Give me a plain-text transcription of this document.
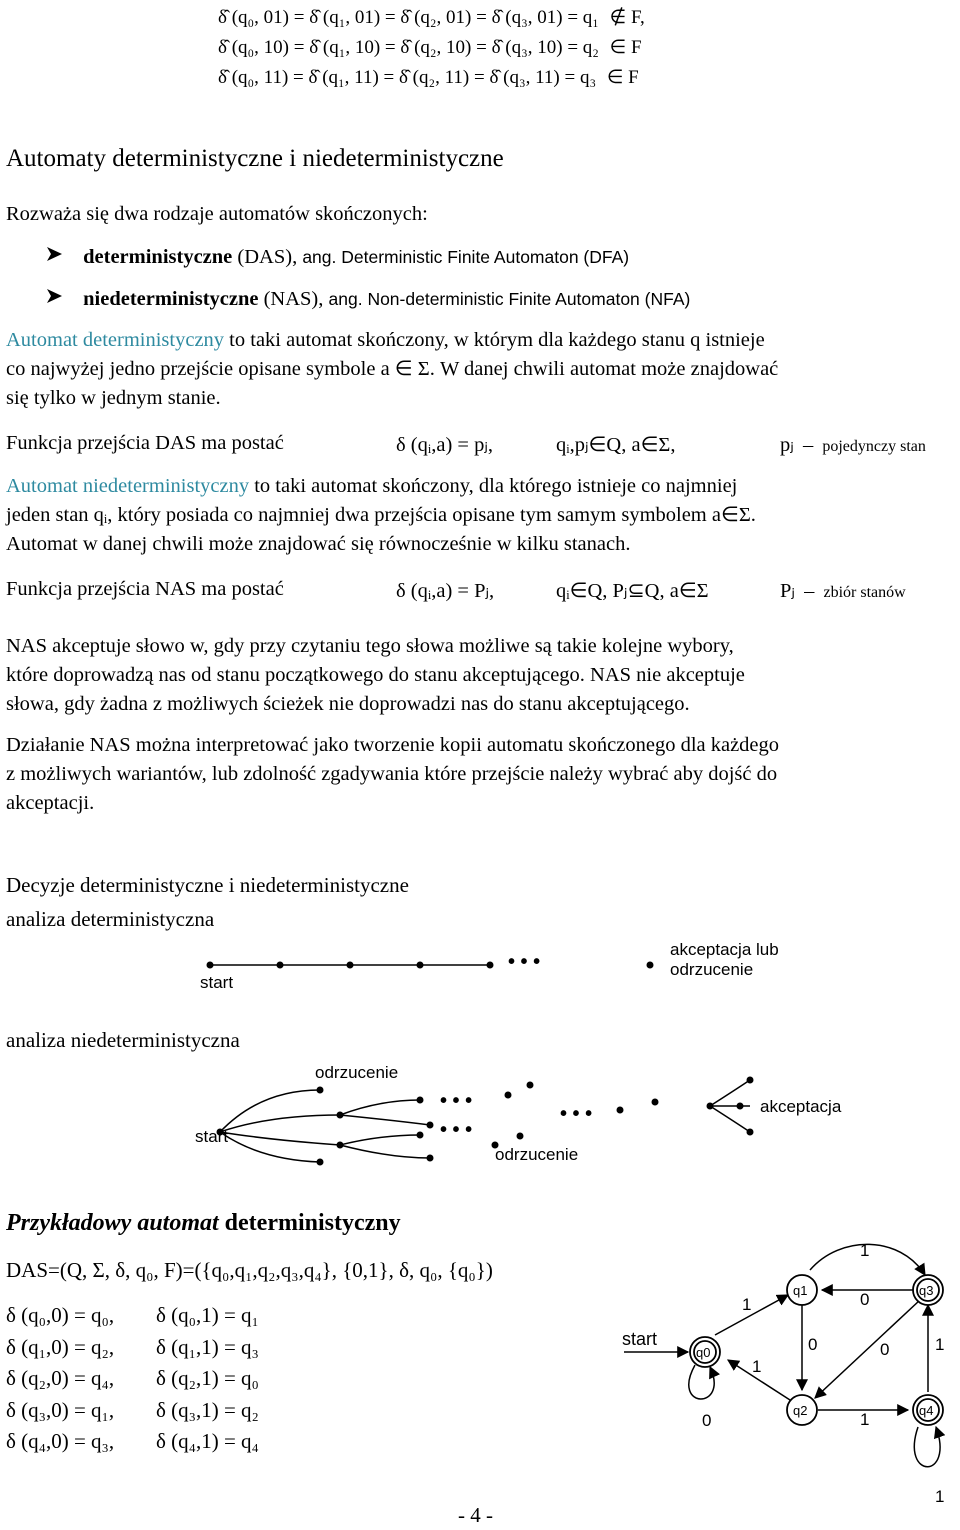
δ̂ (q₀, 01) = δ̂ (q₁, 01) = δ̂ (q₂, 01) = δ̂ (q₃, 01) = q₁ ∉ F,
δ̂ (q₀, 10) = δ̂ (q₁, 10) = δ̂ (q₂, 10) = δ̂ (q₃, 10) = q₂ ∈ F
δ̂ (q₀, 11) = δ̂ (q₁, 11) = δ̂ (q₂, 11) = δ̂ (q₃, 11) = q₃ ∈ F
Automaty deterministyczne i niedeterministyczne
Rozważa się dwa rodzaje automatów skończonych:
deterministyczne (DAS), ang. Deterministic Finite Automaton (DFA)
niedeterministyczne (NAS), ang. Non-deterministic Finite Automaton (NFA)
Automat deterministyczny to taki automat skończony, w którym dla każdego stanu q istnieje
co najwyżej jedno przejście opisane symbole a ∈ Σ. W danej chwili automat może znajdować
się tylko w jednym stanie.
Funkcja przejścia DAS ma postać	δ (qᵢ,a) = pⱼ,	qᵢ,pⱼ∈Q, a∈Σ,	pⱼ – pojedynczy stan
Automat niedeterministyczny to taki automat skończony, dla którego istnieje co najmniej
jeden stan qᵢ, który posiada co najmniej dwa przejścia opisane tym samym symbolem a∈Σ.
Automat w danej chwili może znajdować się równocześnie w kilku stanach.
Funkcja przejścia NAS ma postać	δ (qᵢ,a) = Pⱼ,	qᵢ∈Q, Pⱼ⊆Q, a∈Σ	Pⱼ – zbiór stanów
NAS akceptuje słowo w, gdy przy czytaniu tego słowa możliwe są takie kolejne wybory,
które doprowadzą nas od stanu początkowego do stanu akceptującego. NAS nie akceptuje
słowa, gdy żadna z możliwych ścieżek nie doprowadzi nas do stanu akceptującego.
Działanie NAS można interpretować jako tworzenie kopii automatu skończonego dla każdego
z możliwych wariantów, lub zdolność zgadywania które przejście należy wybrać aby dojść do
akceptacji.
Decyzje deterministyczne i niedeterministyczne
analiza deterministyczna
start
• • •
akceptacja lub
odrzucenie
analiza niedeterministyczna
start
odrzucenie
• • •
• • •
• • •
odrzucenie
akceptacja
Przykładowy automat deterministyczny
DAS=(Q, Σ, δ, q₀, F)=({q₀,q₁,q₂,q₃,q₄}, {0,1}, δ, q₀, {q₀})
δ (q₀,0) = q₀, δ (q₀,1) = q₁
δ (q₁,0) = q₂, δ (q₁,1) = q₃
δ (q₂,0) = q₄, δ (q₂,1) = q₀
δ (q₃,0) = q₁, δ (q₃,1) = q₂
δ (q₄,0) = q₃, δ (q₄,1) = q₄
start
q0
q1
q2
q3
q4
1
1	0
1
0	0
0
1
1
1
- 4 -
